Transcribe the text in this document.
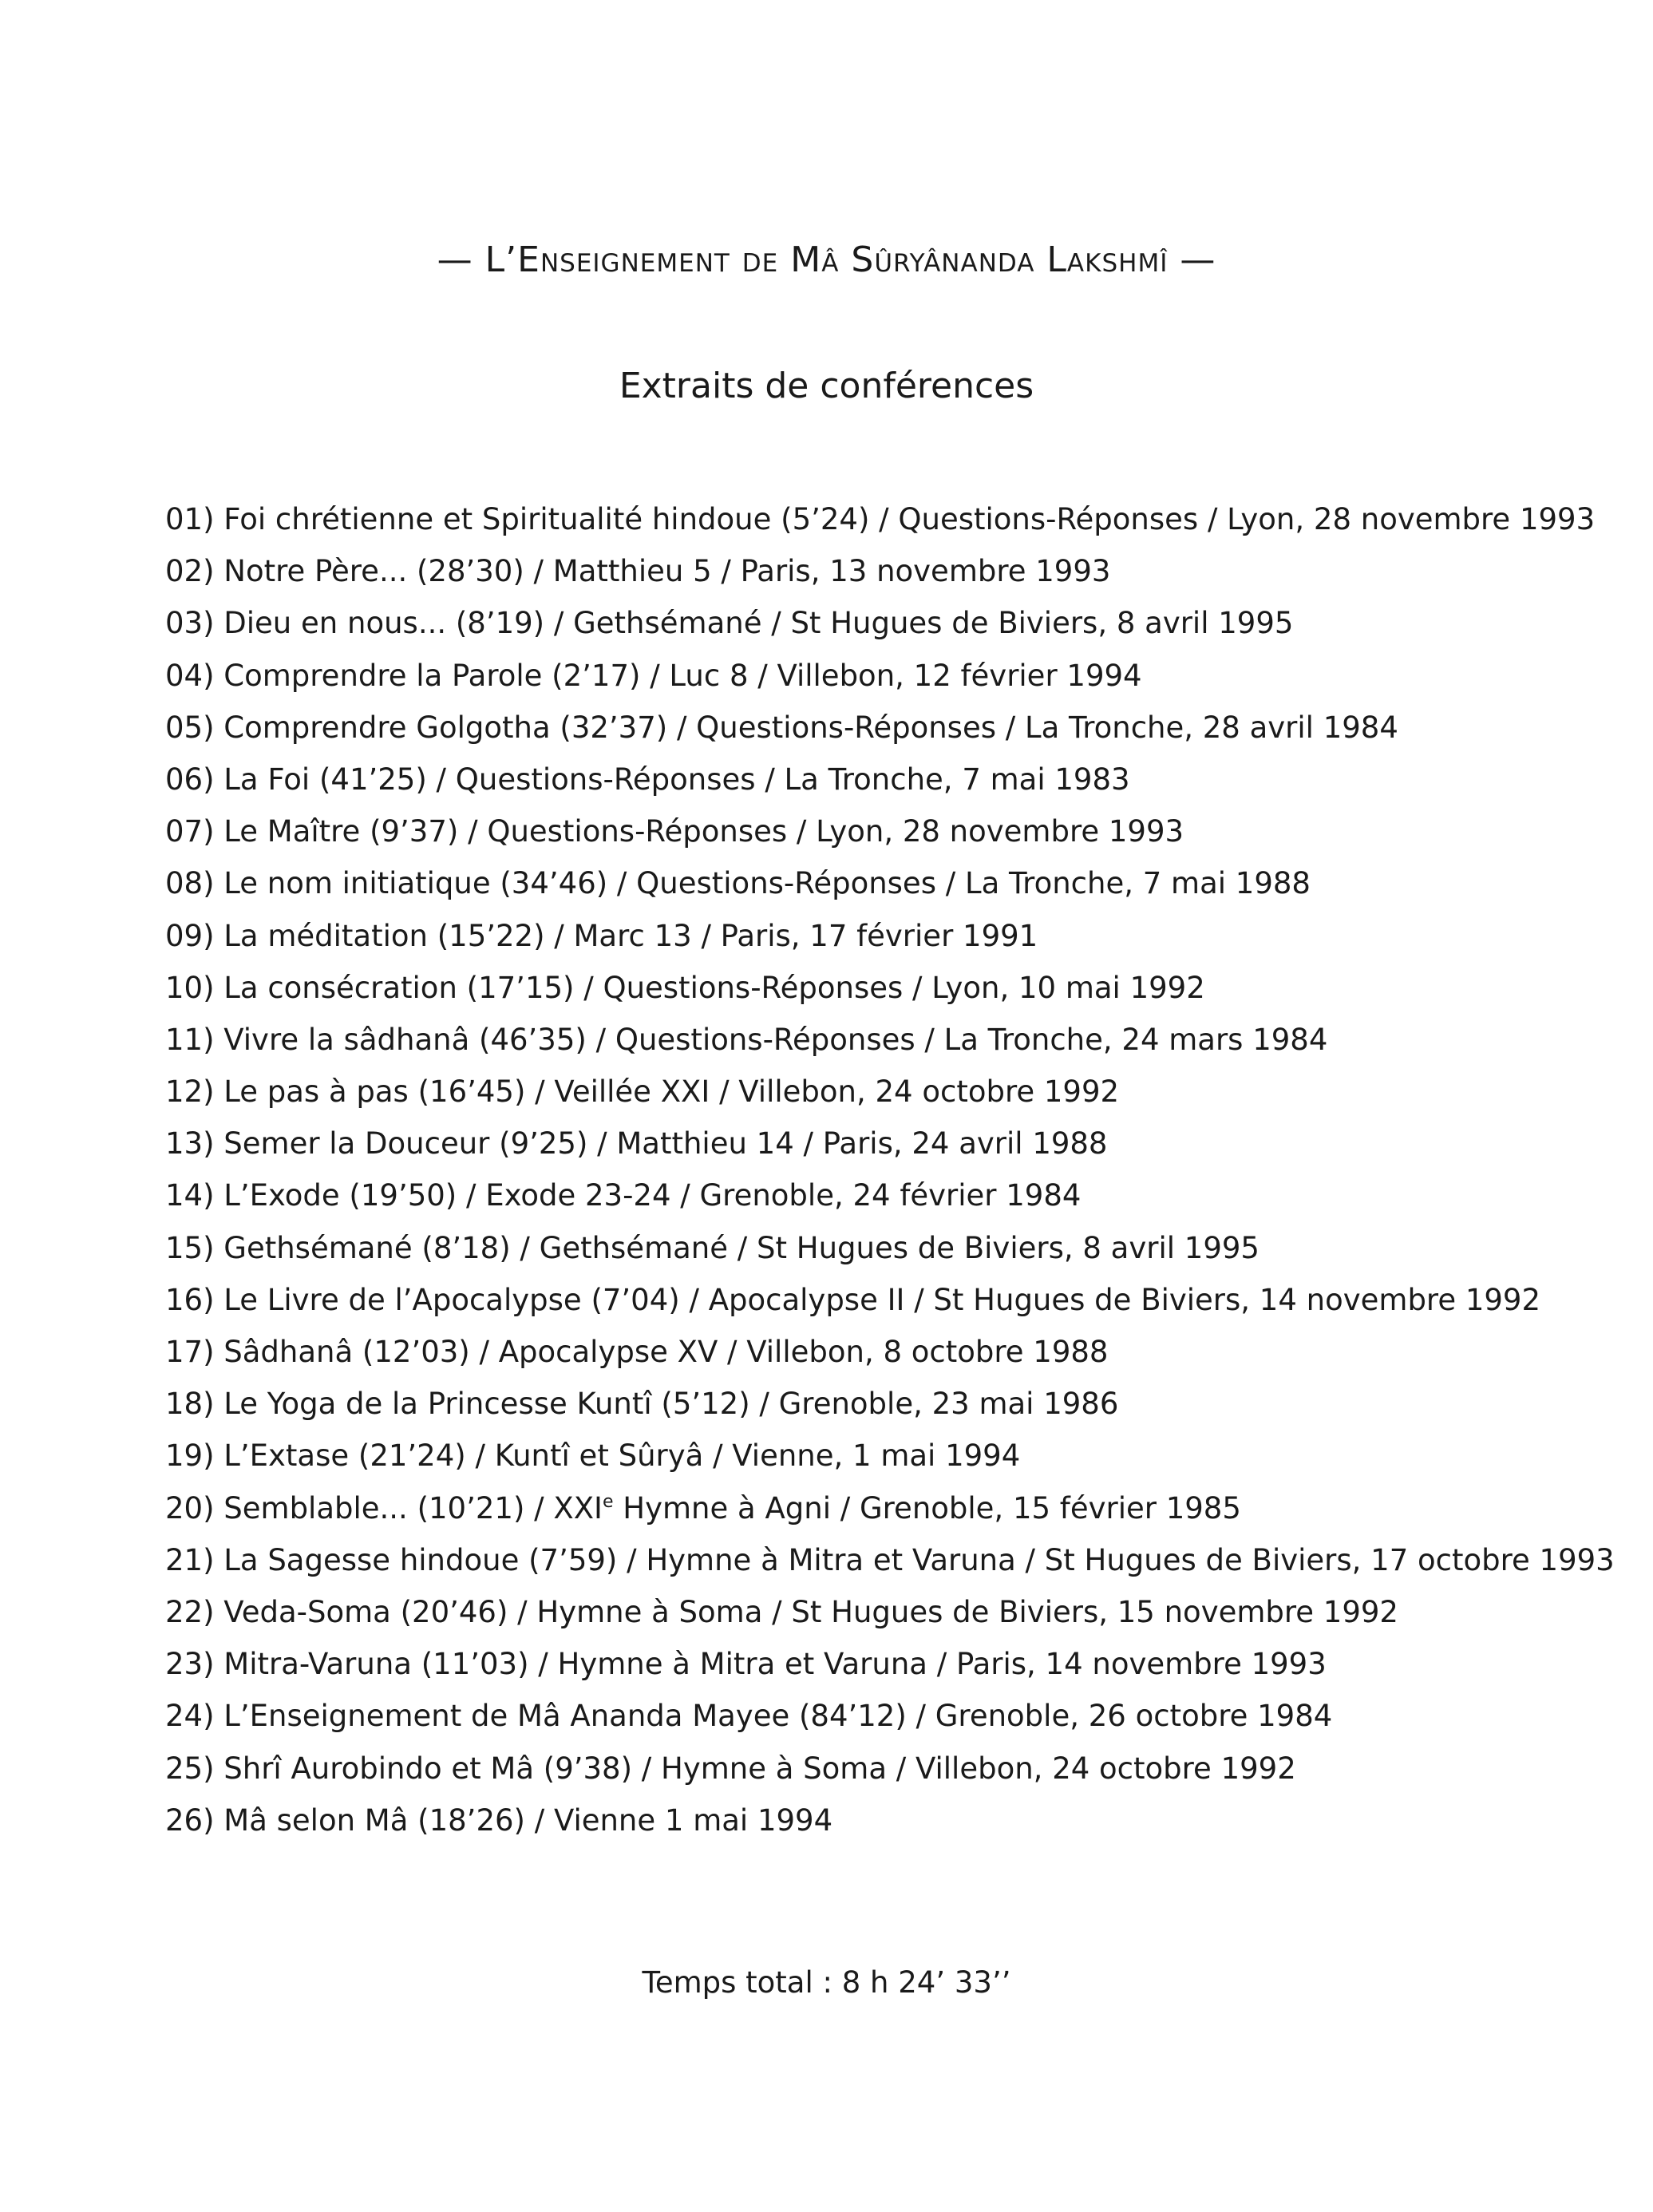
— L’Enseignement de Mâ Sûryânanda Lakshmî —
Extraits de conférences
01) Foi chrétienne et Spiritualité hindoue (5’24) / Questions-Réponses / Lyon, 28 novembre 1993
02) Notre Père... (28’30) / Matthieu 5 / Paris, 13 novembre 1993
03) Dieu en nous... (8’19) / Gethsémané / St Hugues de Biviers, 8 avril 1995
04) Comprendre la Parole (2’17) / Luc 8 / Villebon, 12 février 1994
05) Comprendre Golgotha (32’37) / Questions-Réponses / La Tronche, 28 avril 1984
06) La Foi (41’25) / Questions-Réponses / La Tronche, 7 mai 1983
07) Le Maître (9’37) / Questions-Réponses / Lyon, 28 novembre 1993
08) Le nom initiatique (34’46) / Questions-Réponses / La Tronche, 7 mai 1988
09) La méditation (15’22) / Marc 13 / Paris, 17 février 1991
10) La consécration (17’15) / Questions-Réponses / Lyon, 10 mai 1992
11) Vivre la sâdhanâ (46’35) / Questions-Réponses / La Tronche, 24 mars 1984
12) Le pas à pas (16’45) / Veillée XXI / Villebon, 24 octobre 1992
13) Semer la Douceur (9’25) / Matthieu 14 / Paris, 24 avril 1988
14) L’Exode (19’50) / Exode 23-24 / Grenoble, 24 février 1984
15) Gethsémané (8’18) / Gethsémané / St Hugues de Biviers, 8 avril 1995
16) Le Livre de l’Apocalypse (7’04) / Apocalypse II / St Hugues de Biviers, 14 novembre 1992
17) Sâdhanâ (12’03) / Apocalypse XV / Villebon, 8 octobre 1988
18) Le Yoga de la Princesse Kuntî (5’12) / Grenoble, 23 mai 1986
19) L’Extase (21’24) / Kuntî et Sûryâ / Vienne, 1 mai 1994
20) Semblable... (10’21) / XXIe Hymne à Agni / Grenoble, 15 février 1985
21) La Sagesse hindoue (7’59) / Hymne à Mitra et Varuna / St Hugues de Biviers, 17 octobre 1993
22) Veda-Soma (20’46) / Hymne à Soma / St Hugues de Biviers, 15 novembre 1992
23) Mitra-Varuna (11’03) / Hymne à Mitra et Varuna / Paris, 14 novembre 1993
24) L’Enseignement de Mâ Ananda Mayee (84’12) / Grenoble, 26 octobre 1984
25) Shrî Aurobindo et Mâ (9’38) / Hymne à Soma / Villebon, 24 octobre 1992
26) Mâ selon Mâ (18’26) / Vienne 1 mai 1994
Temps total : 8 h 24’ 33’’
